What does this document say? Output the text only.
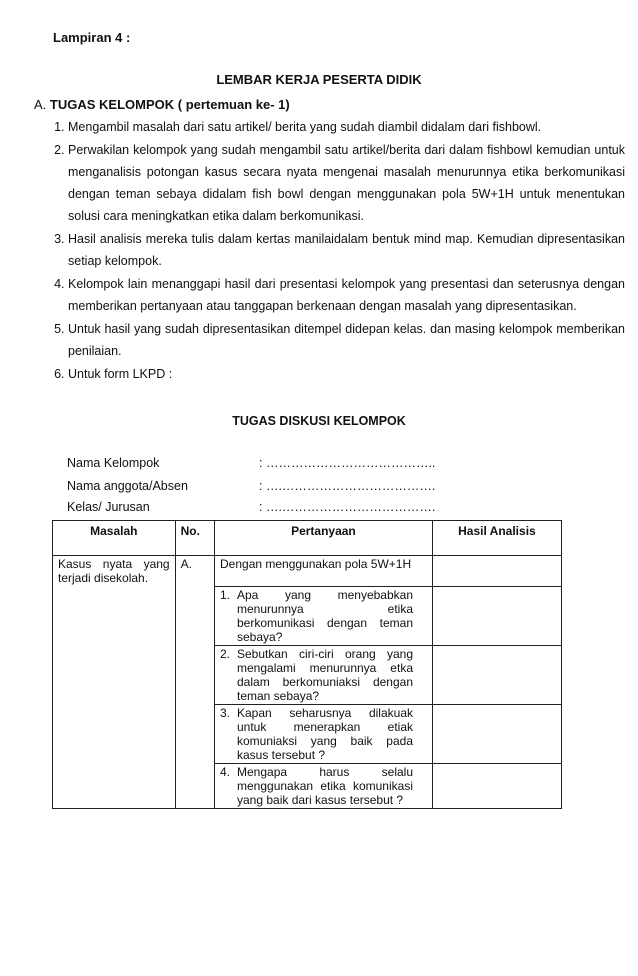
Lampiran 4 :
LEMBAR KERJA PESERTA DIDIK
A. TUGAS KELOMPOK ( pertemuan ke- 1)
1. Mengambil masalah dari satu artikel/ berita yang sudah diambil didalam dari fishbowl.
2. Perwakilan kelompok yang sudah mengambil satu artikel/berita dari dalam fishbowl kemudian untuk menganalisis potongan kasus secara nyata mengenai masalah menurunnya etika berkomunikasi dengan teman sebaya didalam fish bowl dengan menggunakan pola 5W+1H untuk menentukan solusi cara meningkatkan etika dalam berkomunikasi.
3. Hasil analisis mereka tulis dalam kertas manilaidalam bentuk mind map. Kemudian dipresentasikan setiap kelompok.
4. Kelompok lain menanggapi hasil dari presentasi kelompok yang presentasi dan seterusnya dengan memberikan pertanyaan atau tanggapan berkenaan dengan masalah yang dipresentasikan.
5. Untuk hasil yang sudah dipresentasikan ditempel didepan kelas. dan masing kelompok memberikan penilaian.
6. Untuk form LKPD :
TUGAS DISKUSI KELOMPOK
Nama Kelompok	: …………………………………..
Nama anggota/Absen	: ….……………………………….
Kelas/ Jurusan	: ….……………………………….
Masalah	No.	Pertanyaan	Hasil Analisis
Kasus nyata yang terjadi disekolah.	A.	Dengan menggunakan pola 5W+1H	
		1. Apa yang menyebabkan menurunnya etika berkomunikasi dengan teman sebaya?	
		2. Sebutkan ciri-ciri orang yang mengalami menurunnya etka dalam berkomuniaksi dengan teman sebaya?	
		3. Kapan seharusnya dilakuak untuk menerapkan etiak komuniaksi yang baik pada kasus tersebut ?	
		4. Mengapa harus selalu menggunakan etika komunikasi yang baik dari kasus tersebut ?	
